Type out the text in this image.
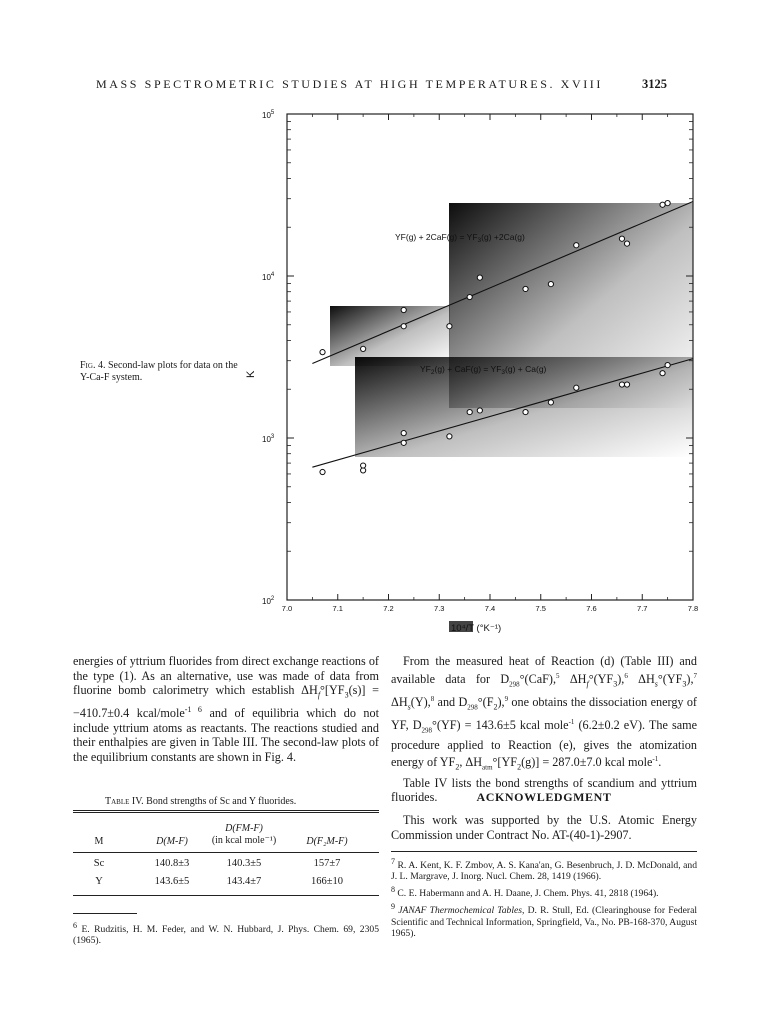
MASS SPECTROMETRIC STUDIES AT HIGH TEMPERATURES. XVIII	3125
Fig. 4. Second-law plots for data on the Y-Ca-F system.
7.0	7.1	7.2	7.3	7.4	7.5	7.6	7.7	7.8
$10^5$
$10^4$
$10^3$
$10^2$
$YF(g) + 2CaF(g) = YF_3(g) +2Ca(g)$
$YF_2(g) + CaF(g) = YF_3(g) + Ca(g)$
K
10⁴/T (°K⁻¹)
energies of yttrium fluorides from direct exchange reactions of the type (1). As an alternative, use was made of data from fluorine bomb calorimetry which establish $\Delta H_f^\circ[YF_3(s)] = -410.7\pm 0.4$ kcal/mole$^{-1 6}$ and of equilibria which do not include yttrium atoms as reactants. The reactions studied and their enthalpies are given in Table III. The second-law plots of the equilibrium constants are shown in Fig. 4.
From the measured heat of Reaction (d) (Table III) and available data for $D_{298}^\circ(CaF),^5$ $\Delta H_f^\circ(YF_3),^6$ $\Delta H_s^\circ(YF_3),^7$ $\Delta H_s(Y),^8$ and $D_{298}^\circ(F_2),^9$ one obtains the dissociation energy of YF, $D_{298}^\circ(YF) = 143.6\pm 5$ kcal mole$^{-1}$ (6.2±0.2 eV). The same procedure applied to Reaction (e), gives the atomization energy of $YF_2$, $\Delta H_{atm}^\circ[YF_2(g)] = 287.0\pm 7.0$ kcal mole$^{-1}$.
Table IV lists the bond strengths of scandium and yttrium fluorides.	ACKNOWLEDGMENT
This work was supported by the U.S. Atomic Energy Commission under Contract No. AT-(40-1)-2907.

$^7$ R. A. Kent, K. F. Zmbov, A. S. Kana'an, G. Besenbruch, J. D. McDonald, and J. L. Margrave, J. Inorg. Nucl. Chem. 28, 1419 (1966).

$^8$ C. E. Habermann and A. H. Daane, J. Chem. Phys. 41, 2818 (1964).

$^9$ JANAF Thermochemical Tables, D. R. Stull, Ed. (Clearinghouse for Federal Scientific and Technical Information, Springfield, Va., No. PB-168-370, August 1965).

Table IV. Bond strengths of Sc and Y fluorides.
M	D(M-F)
D(FM-F)
(in kcal mole⁻¹)	D(F₂M-F)
Sc	140.8±3	140.3±5	157±7
Y	143.6±5	143.4±7	166±10
$^6$ E. Rudzitis, H. M. Feder, and W. N. Hubbard, J. Phys. Chem. 69, 2305 (1965).
